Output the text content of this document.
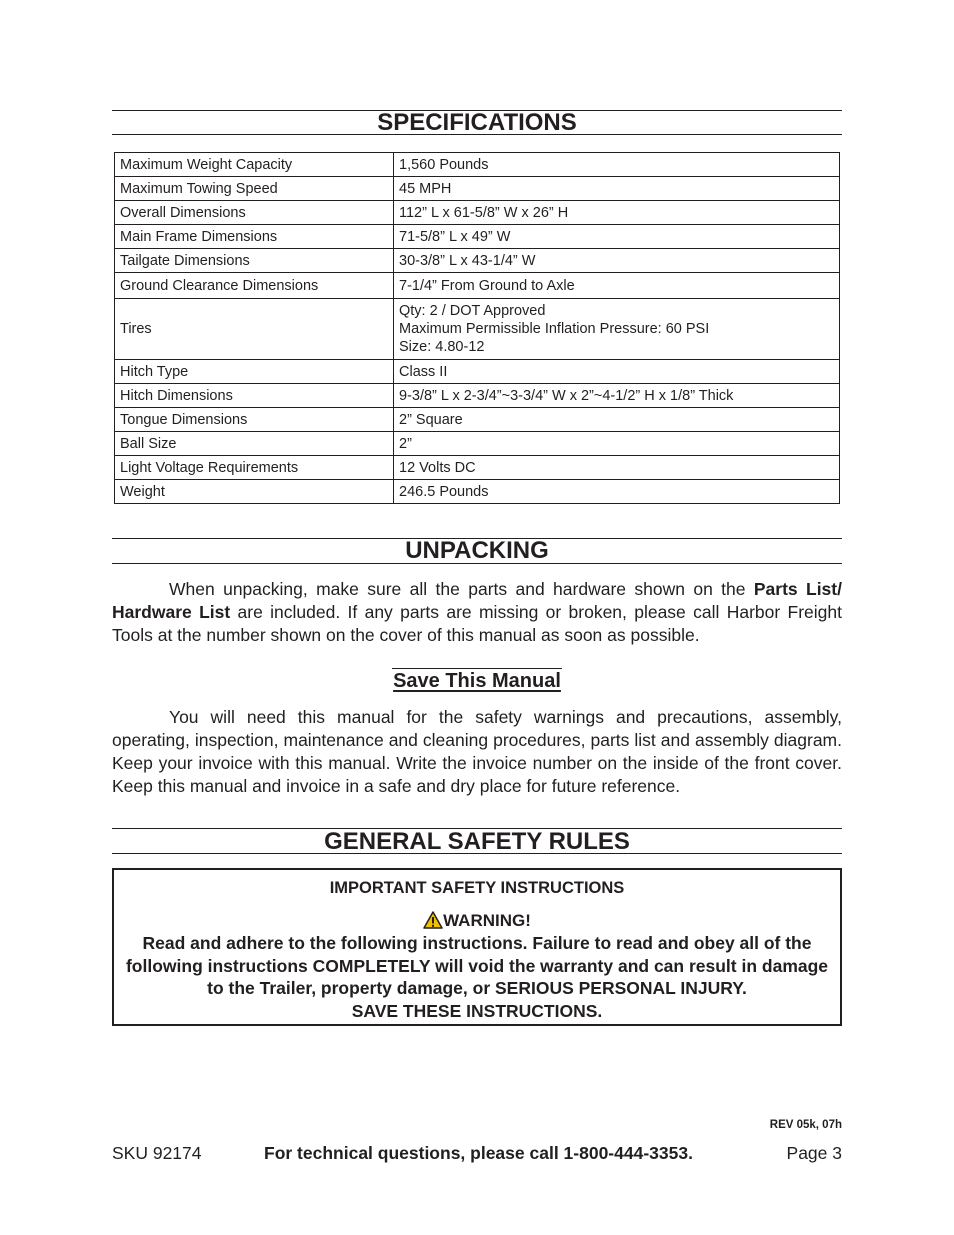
SPECIFICATIONS
Maximum Weight Capacity	1,560 Pounds

Maximum Towing Speed	45 MPH

Overall Dimensions	112” L x 61-5/8” W x 26” H

Main Frame Dimensions	71-5/8” L x 49” W

Tailgate Dimensions	30-3/8” L x 43-1/4” W

Ground Clearance Dimensions	7-1/4” From Ground to Axle

Tires	Qty: 2 / DOT Approved
Maximum Permissible Inflation Pressure: 60 PSI
Size: 4.80-12

Hitch Type	Class II

Hitch Dimensions	9-3/8” L x 2-3/4”~3-3/4” W x 2”~4-1/2” H x 1/8” Thick

Tongue Dimensions	2” Square

Ball Size	2”

Light Voltage Requirements	12 Volts DC

Weight	246.5 Pounds
UNPACKING

When unpacking, make sure all the parts and hardware shown on the Parts List/ Hardware List are included. If any parts are missing or broken, please call Harbor Freight Tools at the number shown on the cover of this manual as soon as possible.

Save This Manual

You will need this manual for the safety warnings and precautions, assembly, operating, inspection, maintenance and cleaning procedures, parts list and assembly diagram. Keep your invoice with this manual. Write the invoice number on the inside of the front cover. Keep this manual and invoice in a safe and dry place for future reference.

GENERAL SAFETY RULES
IMPORTANT SAFETY INSTRUCTIONS
WARNING!
Read and adhere to the following instructions. Failure to read and obey all of the following instructions COMPLETELY will void the warranty and can result in damage to the Trailer, property damage, or SERIOUS PERSONAL INJURY.
SAVE THESE INSTRUCTIONS.
REV 05k, 07h
SKU 92174	For technical questions, please call 1-800-444-3353.	Page 3
